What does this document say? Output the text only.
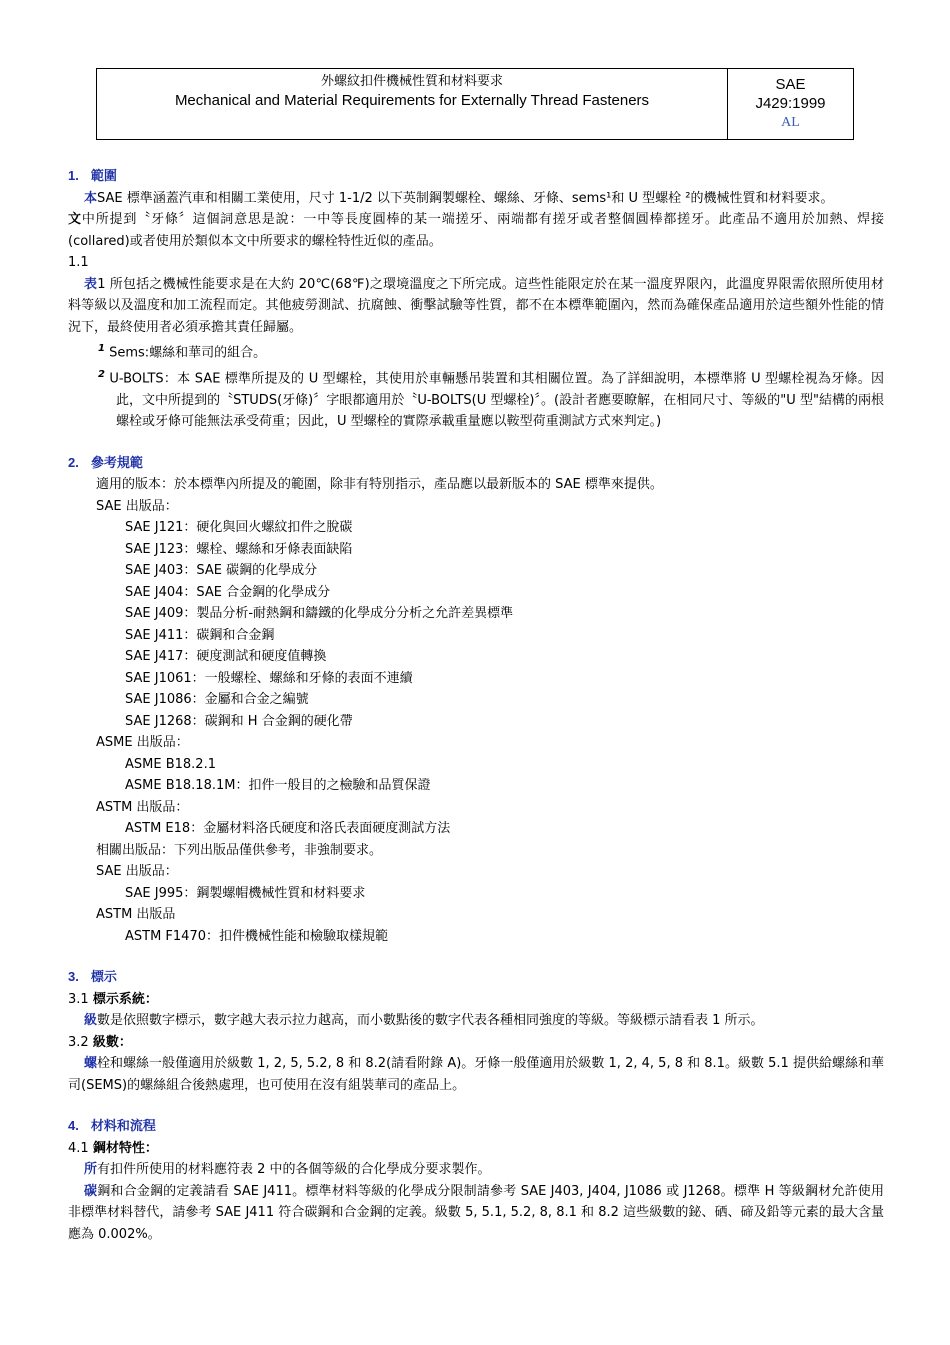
外螺紋扣件機械性質和材料要求
Mechanical and Material Requirements for Externally Thread Fasteners
SAE
J429:1999
AL
1. 範圍
本SAE 標準涵蓋汽車和相關工業使用，尺寸 1-1/2 以下英制鋼製螺栓、螺絲、牙條、sems¹和 U 型螺栓 ²的機械性質和材料要求。
文中所提到〝牙條〞這個詞意思是說：一中等長度圓棒的某一端搓牙、兩端都有搓牙或者整個圓棒都搓牙。此產品不適用於加熱、焊接(collared)或者使用於類似本文中所要求的螺栓特性近似的產品。
1.1
表1 所包括之機械性能要求是在大約 20℃(68℉)之環境溫度之下所完成。這些性能限定於在某一溫度界限內，此溫度界限需依照所使用材料等級以及溫度和加工流程而定。其他疲勞測試、抗腐蝕、衝擊試驗等性質，都不在本標準範圍內，然而為確保產品適用於這些額外性能的情況下，最終使用者必須承擔其責任歸屬。
$^1$ Sems:螺絲和華司的組合。
$^2$ U-BOLTS：本 SAE 標準所提及的 U 型螺栓，其使用於車輛懸吊裝置和其相關位置。為了詳細說明，本標準將 U 型螺栓視為牙條。因此，文中所提到的〝STUDS(牙條)〞字眼都適用於〝U-BOLTS(U 型螺栓)〞。(設計者應要瞭解，在相同尺寸、等級的"U 型"結構的兩根螺栓或牙條可能無法承受荷重；因此，U 型螺栓的實際承載重量應以鞍型荷重測試方式來判定。)
2. 參考規範
適用的版本：於本標準內所提及的範圍，除非有特別指示，產品應以最新版本的 SAE 標準來提供。
SAE 出版品：
SAE J121：硬化與回火螺紋扣件之脫碳
SAE J123：螺栓、螺絲和牙條表面缺陷
SAE J403：SAE 碳鋼的化學成分
SAE J404：SAE 合金鋼的化學成分
SAE J409：製品分析-耐熱鋼和鑄鐵的化學成分分析之允許差異標準
SAE J411：碳鋼和合金鋼
SAE J417：硬度測試和硬度值轉換
SAE J1061：一般螺栓、螺絲和牙條的表面不連續
SAE J1086：金屬和合金之編號
SAE J1268：碳鋼和 H 合金鋼的硬化帶
ASME 出版品：
ASME B18.2.1
ASME B18.18.1M：扣件一般目的之檢驗和品質保證
ASTM 出版品：
ASTM E18：金屬材料洛氏硬度和洛氏表面硬度測試方法
相關出版品：下列出版品僅供參考，非強制要求。
SAE 出版品：
SAE J995：鋼製螺帽機械性質和材料要求
ASTM 出版品
ASTM F1470：扣件機械性能和檢驗取樣規範
3. 標示
3.1 標示系統：
級數是依照數字標示，數字越大表示拉力越高，而小數點後的數字代表各種相同強度的等級。等級標示請看表 1 所示。
3.2 級數：
螺栓和螺絲一般僅適用於級數 1, 2, 5, 5.2, 8 和 8.2(請看附錄 A)。牙條一般僅適用於級數 1, 2, 4, 5, 8 和 8.1。級數 5.1 提供給螺絲和華司(SEMS)的螺絲組合後熱處理，也可使用在沒有組裝華司的產品上。
4. 材料和流程
4.1 鋼材特性：
所有扣件所使用的材料應符表 2 中的各個等級的合化學成分要求製作。
碳鋼和合金鋼的定義請看 SAE J411。標準材料等級的化學成分限制請參考 SAE J403, J404, J1086 或 J1268。標準 H 等級鋼材允許使用非標準材料替代，請參考 SAE J411 符合碳鋼和合金鋼的定義。級數 5, 5.1, 5.2, 8, 8.1 和 8.2 這些級數的鉍、硒、碲及鉛等元素的最大含量應為 0.002%。
